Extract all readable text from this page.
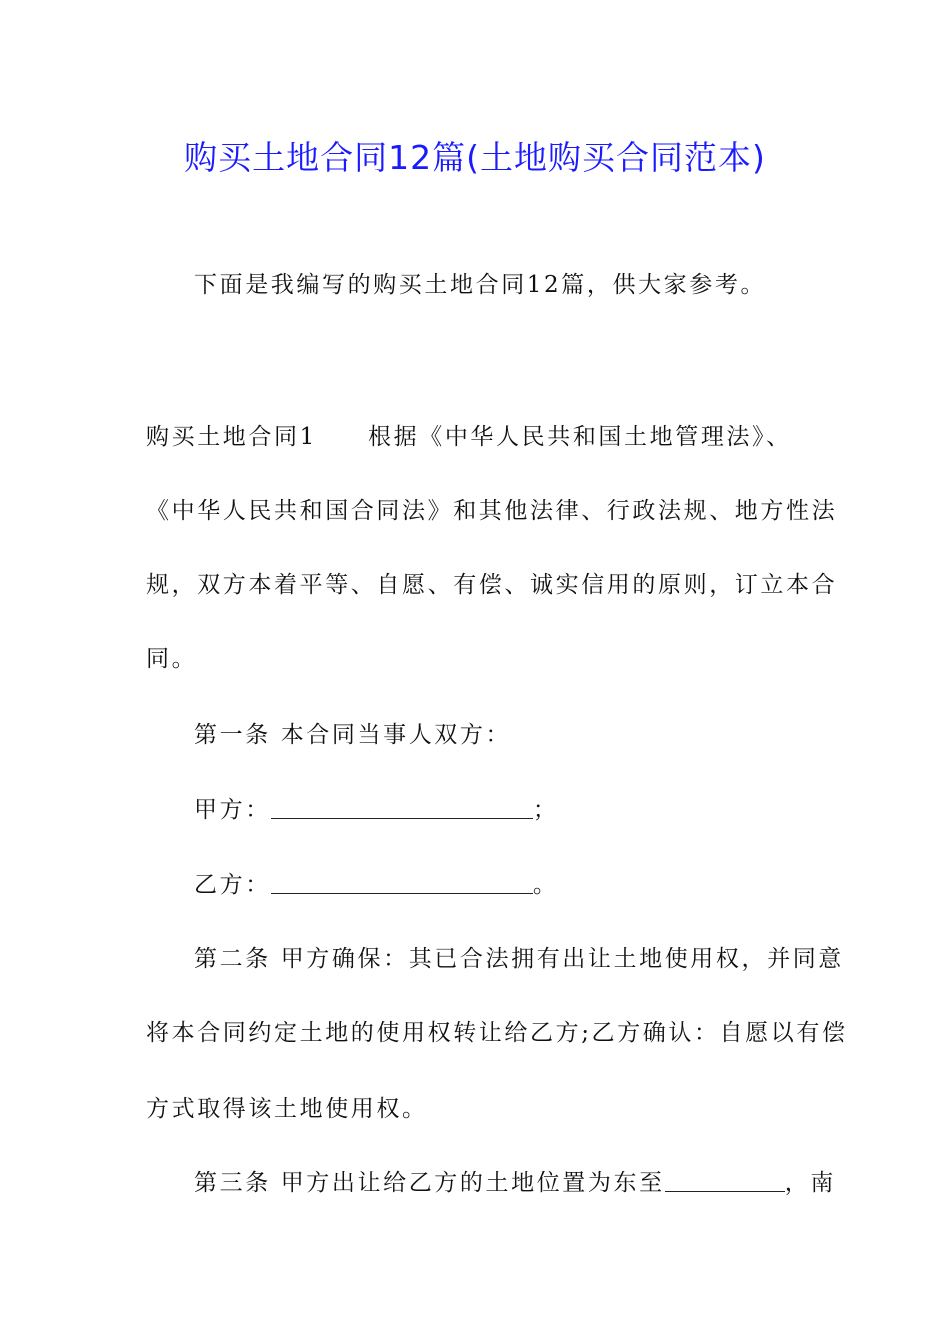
购买土地合同12篇(土地购买合同范本)
下面是我编写的购买土地合同12篇，供大家参考。
购买土地合同1　　根据《中华人民共和国土地管理法》、
《中华人民共和国合同法》和其他法律、行政法规、地方性法
规，双方本着平等、自愿、有偿、诚实信用的原则，订立本合
同。
第一条 本合同当事人双方：
甲方：	；
乙方：	。
第二条 甲方确保：其已合法拥有出让土地使用权，并同意
将本合同约定土地的使用权转让给乙方;乙方确认：自愿以有偿
方式取得该土地使用权。
第三条 甲方出让给乙方的土地位置为东至	，南
